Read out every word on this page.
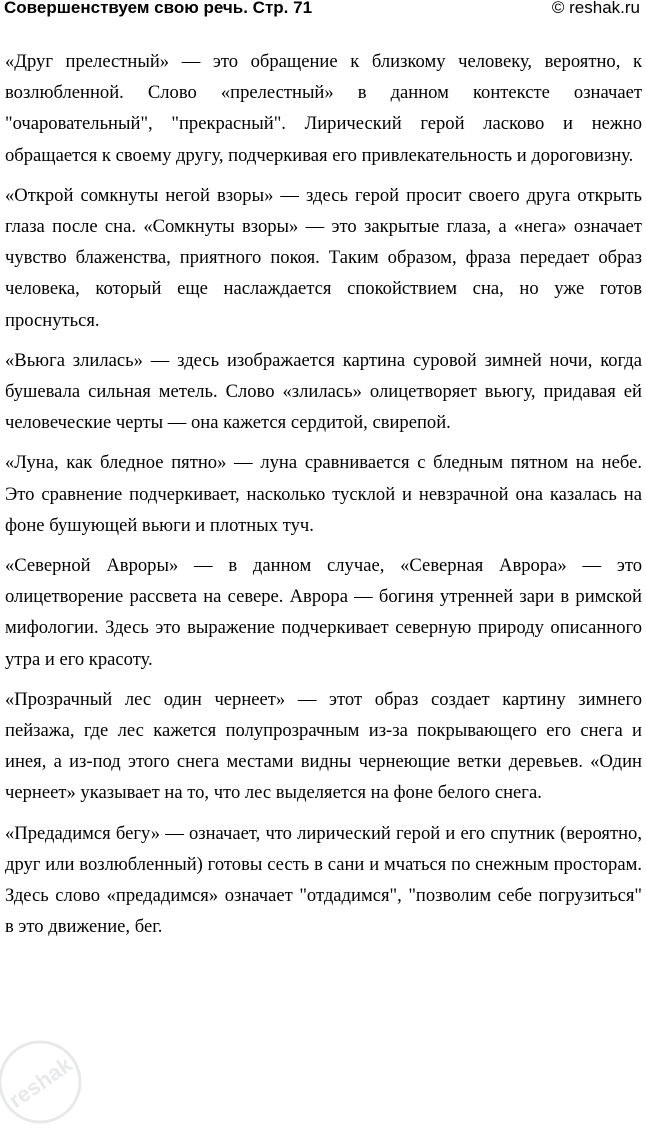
Совершенствуем свою речь. Стр. 71	© reshak.ru

«Друг прелестный» — это обращение к близкому человеку, вероятно, к возлюбленной. Слово «прелестный» в данном контексте означает "очаровательный", "прекрасный". Лирический герой ласково и нежно обращается к своему другу, подчеркивая его привлекательность и дороговизну.

«Открой сомкнуты негой взоры» — здесь герой просит своего друга открыть глаза после сна. «Сомкнуты взоры» — это закрытые глаза, а «нега» означает чувство блаженства, приятного покоя. Таким образом, фраза передает образ человека, который еще наслаждается спокойствием сна, но уже готов проснуться.

«Вьюга злилась» — здесь изображается картина суровой зимней ночи, когда бушевала сильная метель. Слово «злилась» олицетворяет вьюгу, придавая ей человеческие черты — она кажется сердитой, свирепой.

«Луна, как бледное пятно» — луна сравнивается с бледным пятном на небе. Это сравнение подчеркивает, насколько тусклой и невзрачной она казалась на фоне бушующей вьюги и плотных туч.

«Северной Авроры» — в данном случае, «Северная Аврора» — это олицетворение рассвета на севере. Аврора — богиня утренней зари в римской мифологии. Здесь это выражение подчеркивает северную природу описанного утра и его красоту.

«Прозрачный лес один чернеет» — этот образ создает картину зимнего пейзажа, где лес кажется полупрозрачным из-за покрывающего его снега и инея, а из-под этого снега местами видны чернеющие ветки деревьев. «Один чернеет» указывает на то, что лес выделяется на фоне белого снега.

«Предадимся бегу» — означает, что лирический герой и его спутник (вероятно, друг или возлюбленный) готовы сесть в сани и мчаться по снежным просторам. Здесь слово «предадимся» означает "отдадимся", "позволим себе погрузиться" в это движение, бег.

reshak
